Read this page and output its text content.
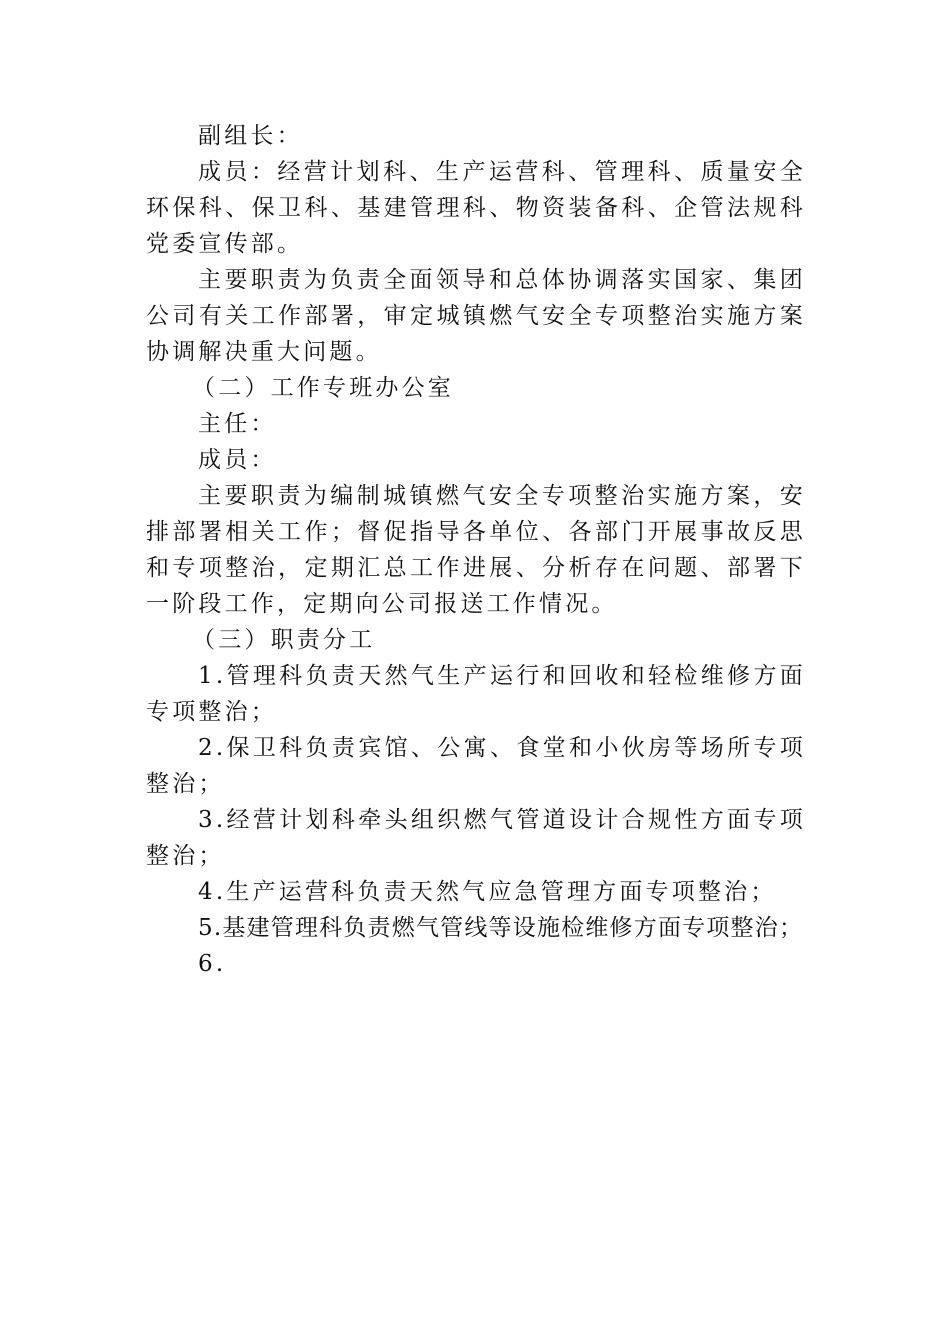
副组长：

成员：经营计划科、生产运营科、管理科、质量安全环保科、保卫科、基建管理科、物资装备科、企管法规科党委宣传部。

主要职责为负责全面领导和总体协调落实国家、集团公司有关工作部署，审定城镇燃气安全专项整治实施方案协调解决重大问题。

（二）工作专班办公室

主任：

成员：

主要职责为编制城镇燃气安全专项整治实施方案，安排部署相关工作；督促指导各单位、各部门开展事故反思和专项整治，定期汇总工作进展、分析存在问题、部署下一阶段工作，定期向公司报送工作情况。

（三）职责分工

1.管理科负责天然气生产运行和回收和轻检维修方面专项整治；

2.保卫科负责宾馆、公寓、食堂和小伙房等场所专项整治；

3.经营计划科牵头组织燃气管道设计合规性方面专项整治；

4.生产运营科负责天然气应急管理方面专项整治；

5.基建管理科负责燃气管线等设施检维修方面专项整治；

6.
